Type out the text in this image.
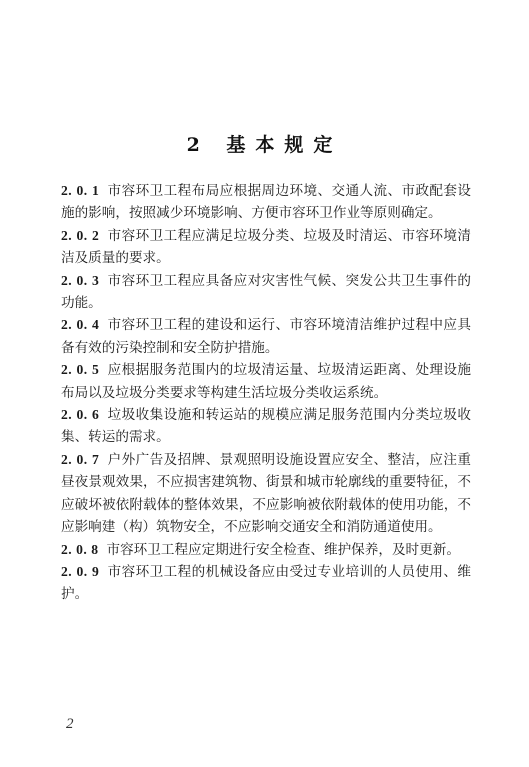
2 基本规定

2. 0. 1 市容环卫工程布局应根据周边环境、交通人流、市政配套设施的影响，按照减少环境影响、方便市容环卫作业等原则确定。

2. 0. 2 市容环卫工程应满足垃圾分类、垃圾及时清运、市容环境清洁及质量的要求。

2. 0. 3 市容环卫工程应具备应对灾害性气候、突发公共卫生事件的功能。

2. 0. 4 市容环卫工程的建设和运行、市容环境清洁维护过程中应具备有效的污染控制和安全防护措施。

2. 0. 5 应根据服务范围内的垃圾清运量、垃圾清运距离、处理设施布局以及垃圾分类要求等构建生活垃圾分类收运系统。

2. 0. 6 垃圾收集设施和转运站的规模应满足服务范围内分类垃圾收集、转运的需求。

2. 0. 7 户外广告及招牌、景观照明设施设置应安全、整洁，应注重昼夜景观效果，不应损害建筑物、街景和城市轮廓线的重要特征，不应破坏被依附载体的整体效果，不应影响被依附载体的使用功能，不应影响建（构）筑物安全，不应影响交通安全和消防通道使用。

2. 0. 8 市容环卫工程应定期进行安全检查、维护保养，及时更新。

2. 0. 9 市容环卫工程的机械设备应由受过专业培训的人员使用、维护。

2
